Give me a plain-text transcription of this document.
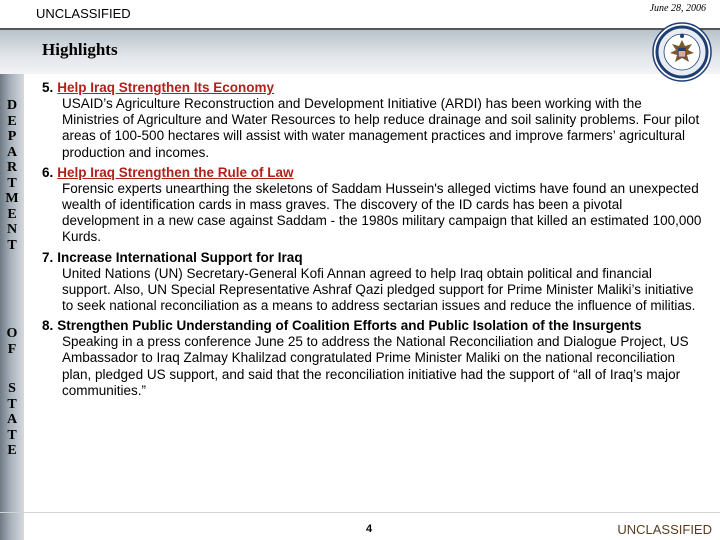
UNCLASSIFIED	June 28, 2006
Highlights
D
E
P
A
R
T
M
E
N
T
O
F
S
T
A
T
E
5. Help Iraq Strengthen Its Economy
USAID’s Agriculture Reconstruction and Development Initiative (ARDI) has been working with the Ministries of Agriculture and Water Resources to help reduce drainage and soil salinity problems. Four pilot areas of 100-500 hectares will assist with water management practices and improve farmers’ agricultural production and incomes.
6. Help Iraq Strengthen the Rule of Law
Forensic experts unearthing the skeletons of Saddam Hussein's alleged victims have found an unexpected wealth of identification cards in mass graves. The discovery of the ID cards has been a pivotal development in a new case against Saddam - the 1980s military campaign that killed an estimated 100,000 Kurds.
7. Increase International Support for Iraq
United Nations (UN) Secretary-General Kofi Annan agreed to help Iraq obtain political and financial support. Also, UN Special Representative Ashraf Qazi pledged support for Prime Minister Maliki’s initiative to seek national reconciliation as a means to address sectarian issues and reduce the influence of militias.
8. Strengthen Public Understanding of Coalition Efforts and Public Isolation of the Insurgents
Speaking in a press conference June 25 to address the National Reconciliation and Dialogue Project, US Ambassador to Iraq Zalmay Khalilzad congratulated Prime Minister Maliki on the national reconciliation plan, pledged US support, and said that the reconciliation initiative had the support of “all of Iraq’s major communities.”
4	UNCLASSIFIED
